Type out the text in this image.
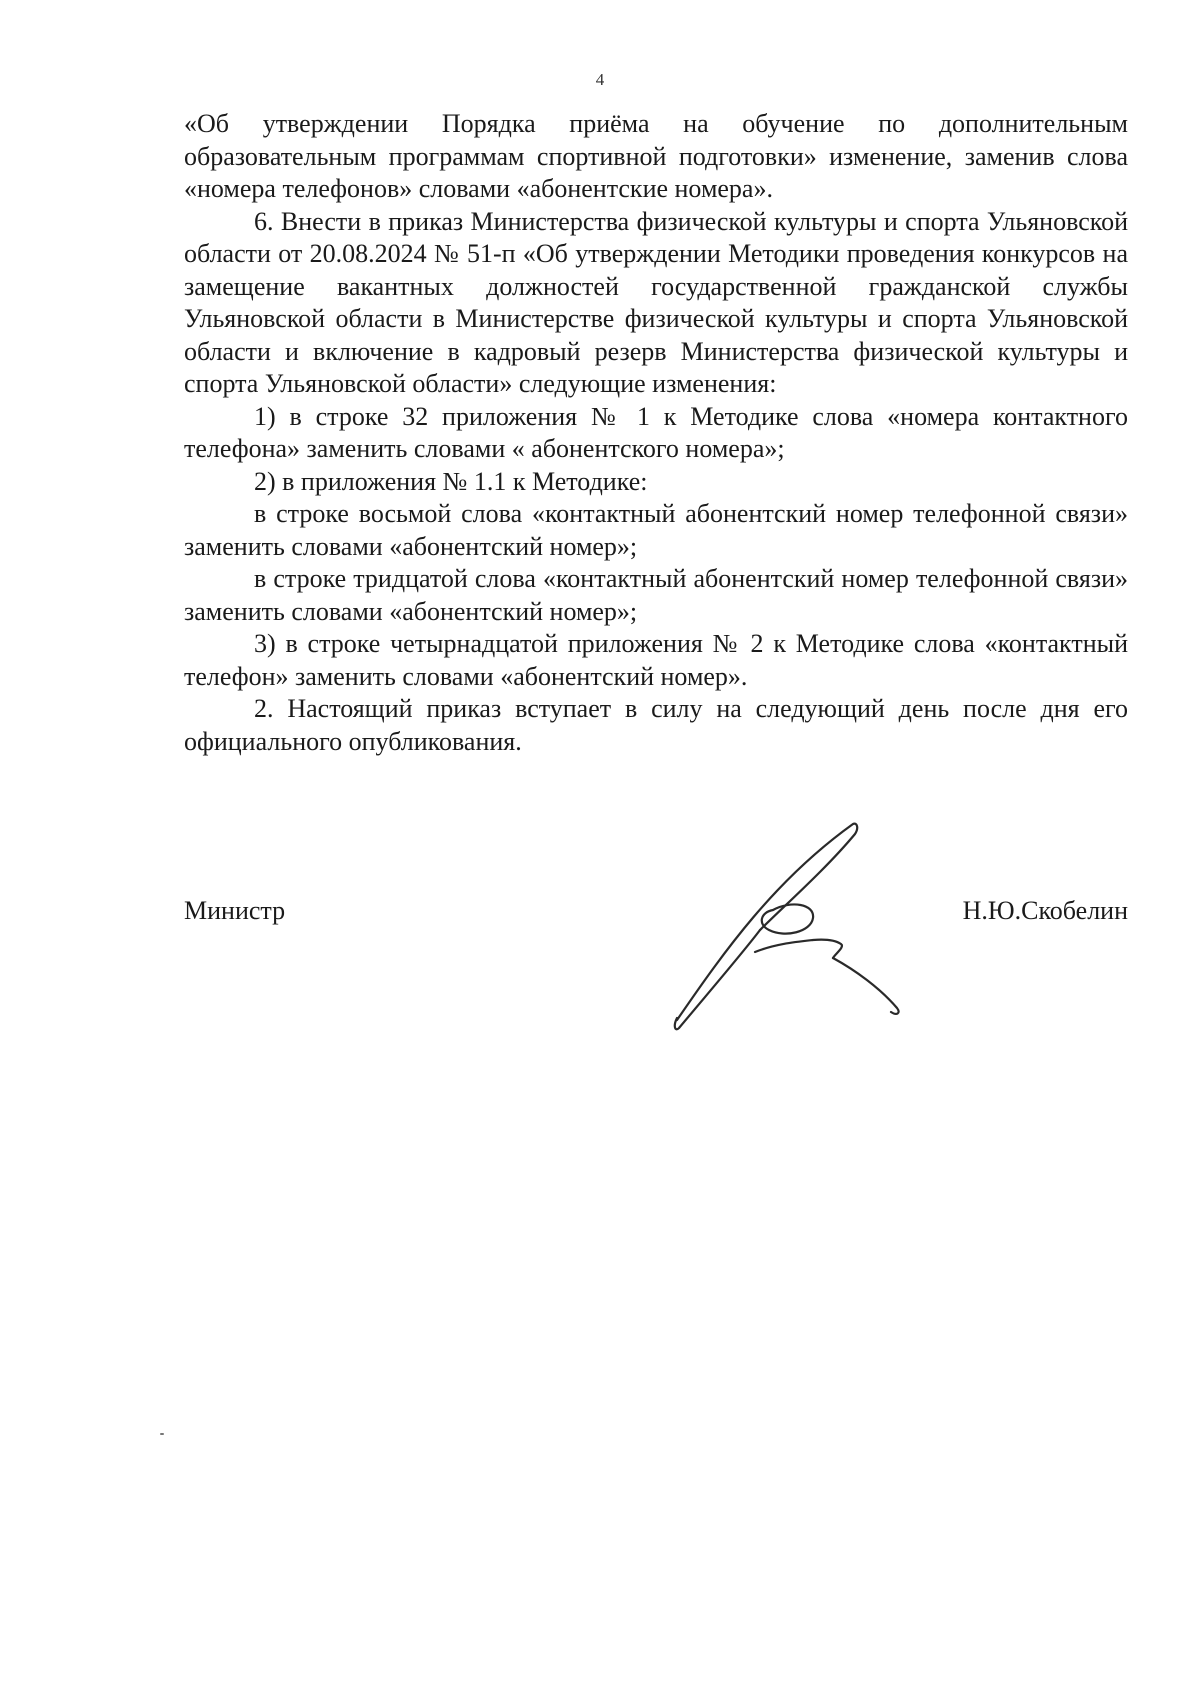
4

«Об утверждении Порядка приёма на обучение по дополнительным образовательным программам спортивной подготовки» изменение, заменив слова «номера телефонов» словами «абонентские номера».

6. Внести в приказ Министерства физической культуры и спорта Ульяновской области от 20.08.2024 № 51-п «Об утверждении Методики проведения конкурсов на замещение вакантных должностей государственной гражданской службы Ульяновской области в Министерстве физической культуры и спорта Ульяновской области и включение в кадровый резерв Министерства физической культуры и спорта Ульяновской области» следующие изменения:

1) в строке 32 приложения № 1 к Методике слова «номера контактного телефона» заменить словами « абонентского номера»;

2) в приложения № 1.1 к Методике:

в строке восьмой слова «контактный абонентский номер телефонной связи» заменить словами «абонентский номер»;

в строке тридцатой слова «контактный абонентский номер телефонной связи» заменить словами «абонентский номер»;

3) в строке четырнадцатой приложения № 2 к Методике слова «контактный телефон» заменить словами «абонентский номер».

2. Настоящий приказ вступает в силу на следующий день после дня его официального опубликования.

Министр	Н.Ю.Скобелин
